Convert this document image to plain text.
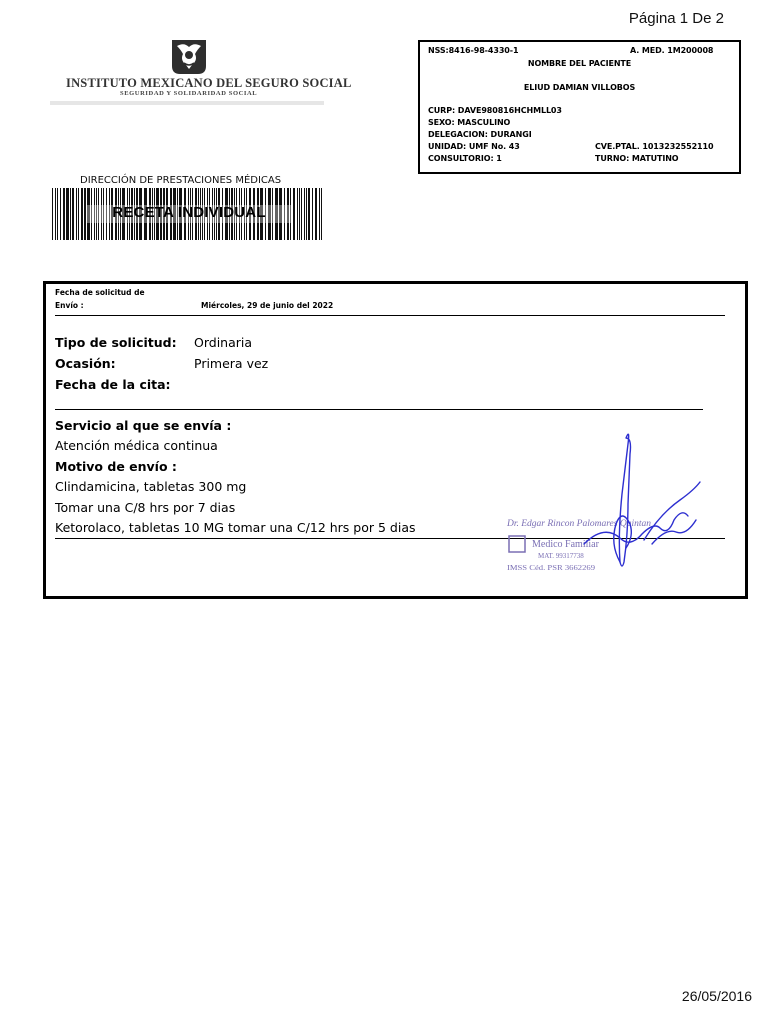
Página 1 De 2
INSTITUTO MEXICANO DEL SEGURO SOCIAL
SEGURIDAD Y SOLIDARIDAD SOCIAL
NSS:8416-98-4330-1	A. MED. 1M200008
NOMBRE DEL PACIENTE
ELIUD DAMIAN VILLOBOS
CURP: DAVE980816HCHMLL03
SEXO: MASCULINO
DELEGACION: DURANGI
UNIDAD: UMF No. 43	CVE.PTAL. 1013232552110
CONSULTORIO: 1	TURNO: MATUTINO
DIRECCIÓN DE PRESTACIONES MÉDICAS
RECETA INDIVIDUAL
Fecha de solicitud de
Envío :	Miércoles, 29 de junio del 2022
Tipo de solicitud: Ordinaria
Ocasión:	Primera vez
Fecha de la cita:
Servicio al que se envía :
Atención médica continua
Motivo de envío :
Clindamicina, tabletas 300 mg
Tomar una C/8 hrs por 7 dias
Ketorolaco, tabletas 10 MG tomar una C/12 hrs por 5 dias	Dr. Edgar Rincon Palomares Quintan
Medico Familiar
MAT. 99317738
IMSS Céd. PSR 3662269
26/05/2016
